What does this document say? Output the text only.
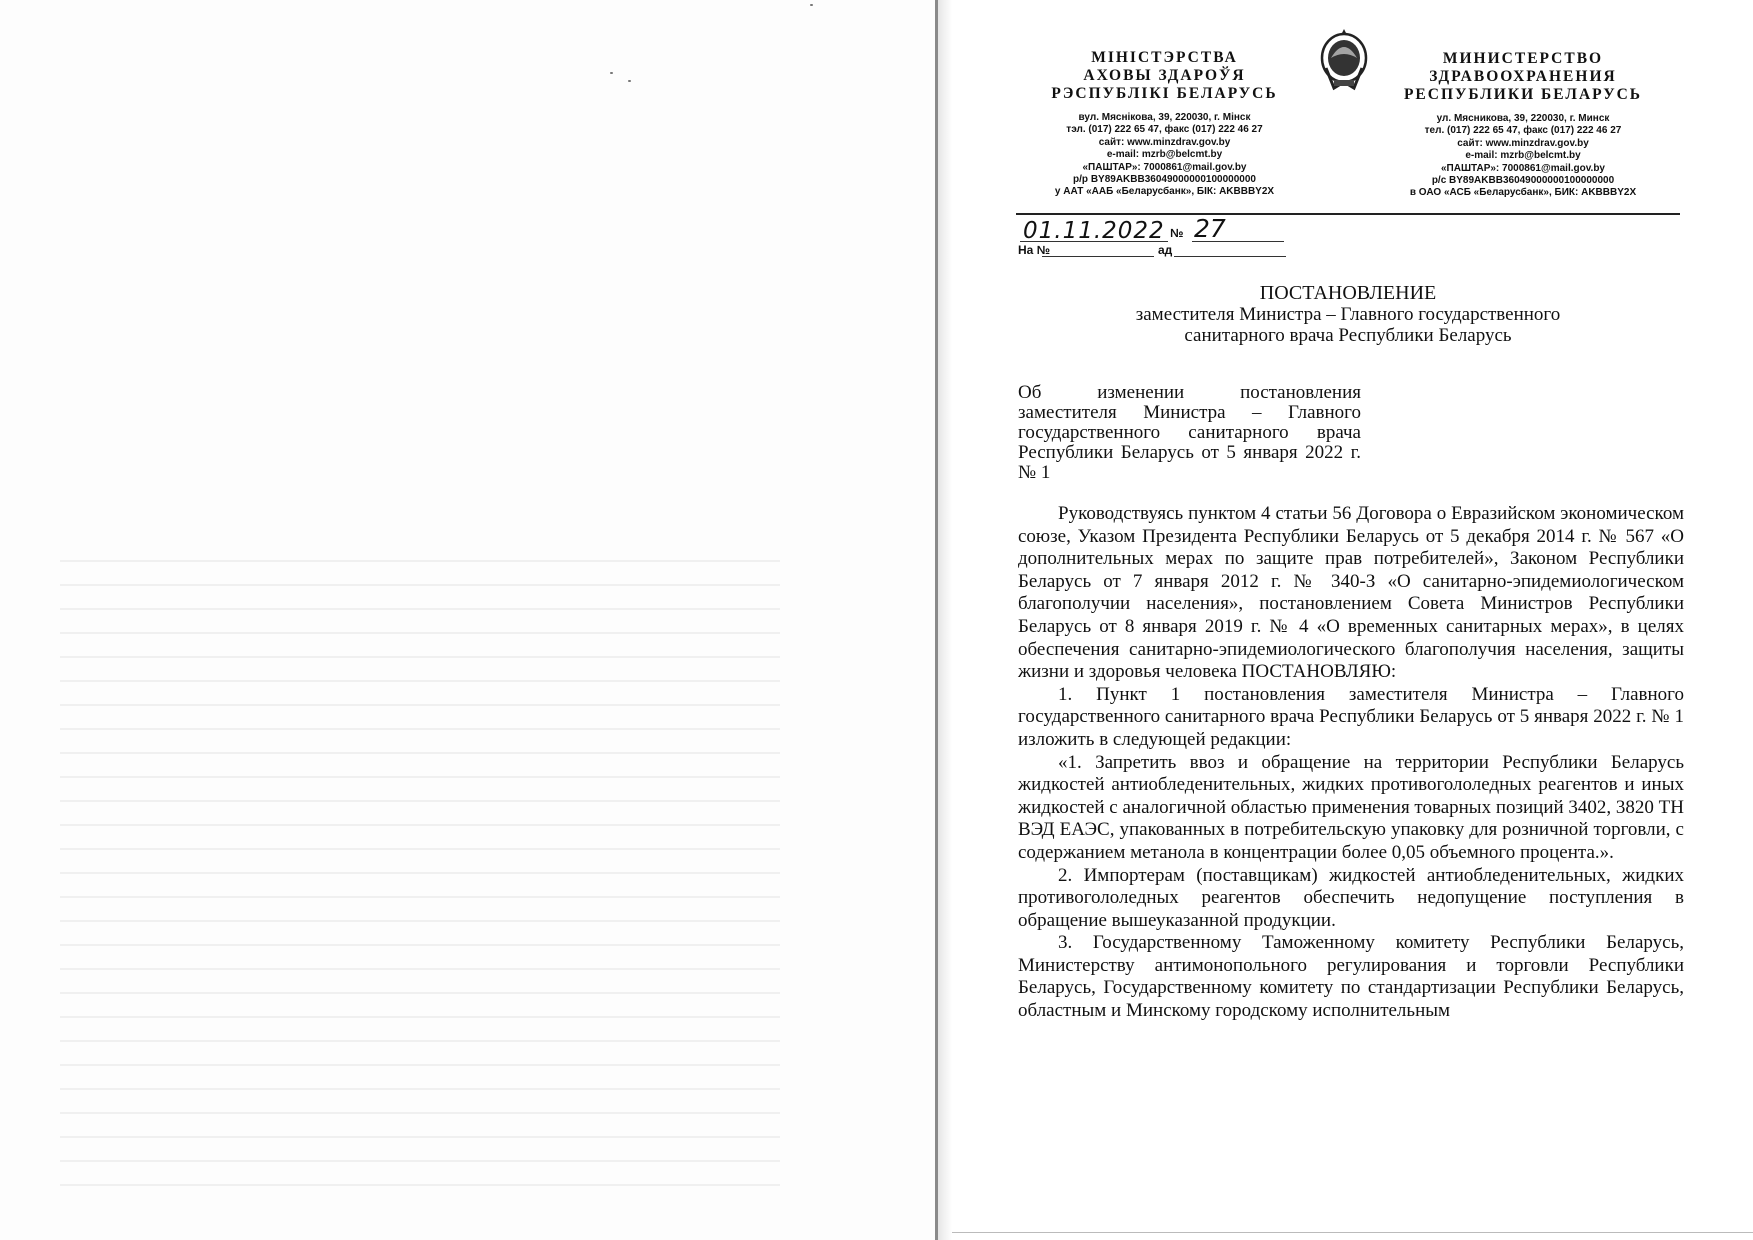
МІНІСТЭРСТВА
АХОВЫ ЗДАРОЎЯ
РЭСПУБЛІКІ БЕЛАРУСЬ
вул. Мяснікова, 39, 220030, г. Мінск
тэл. (017) 222 65 47, факс (017) 222 46 27
сайт: www.minzdrav.gov.by
e-mail: mzrb@belcmt.by
«ПАШТАР»: 7000861@mail.gov.by
р/р BY89AKBB36049000000100000000
у ААТ «ААБ «Беларусбанк», БІК: AKBBBY2X
МИНИСТЕРСТВО
ЗДРАВООХРАНЕНИЯ
РЕСПУБЛИКИ БЕЛАРУСЬ
ул. Мясникова, 39, 220030, г. Минск
тел. (017) 222 65 47, факс (017) 222 46 27
сайт: www.minzdrav.gov.by
e-mail: mzrb@belcmt.by
«ПАШТАР»: 7000861@mail.gov.by
р/с BY89AKBB36049000000100000000
в ОАО «АСБ «Беларусбанк», БИК: AKBBBY2X
01.11.2022 № 27
На №	ад
ПОСТАНОВЛЕНИЕ
заместителя Министра – Главного государственного
санитарного врача Республики Беларусь
Об изменении постановления заместителя Министра – Главного государственного санитарного врача Республики Беларусь от 5 января 2022 г. № 1

Руководствуясь пунктом 4 статьи 56 Договора о Евразийском экономическом союзе, Указом Президента Республики Беларусь от 5 декабря 2014 г. № 567 «О дополнительных мерах по защите прав потребителей», Законом Республики Беларусь от 7 января 2012 г. № 340-З «О санитарно-эпидемиологическом благополучии населения», постановлением Совета Министров Республики Беларусь от 8 января 2019 г. № 4 «О временных санитарных мерах», в целях обеспечения санитарно-эпидемиологического благополучия населения, защиты жизни и здоровья человека ПОСТАНОВЛЯЮ:

1. Пункт 1 постановления заместителя Министра – Главного государственного санитарного врача Республики Беларусь от 5 января 2022 г. № 1 изложить в следующей редакции:

«1. Запретить ввоз и обращение на территории Республики Беларусь жидкостей антиобледенительных, жидких противогололедных реагентов и иных жидкостей с аналогичной областью применения товарных позиций 3402, 3820 ТН ВЭД ЕАЭС, упакованных в потребительскую упаковку для розничной торговли, с содержанием метанола в концентрации более 0,05 объемного процента.».

2. Импортерам (поставщикам) жидкостей антиобледенительных, жидких противогололедных реагентов обеспечить недопущение поступления в обращение вышеуказанной продукции.

3. Государственному Таможенному комитету Республики Беларусь, Министерству антимонопольного регулирования и торговли Республики Беларусь, Государственному комитету по стандартизации Республики Беларусь, областным и Минскому городскому исполнительным
